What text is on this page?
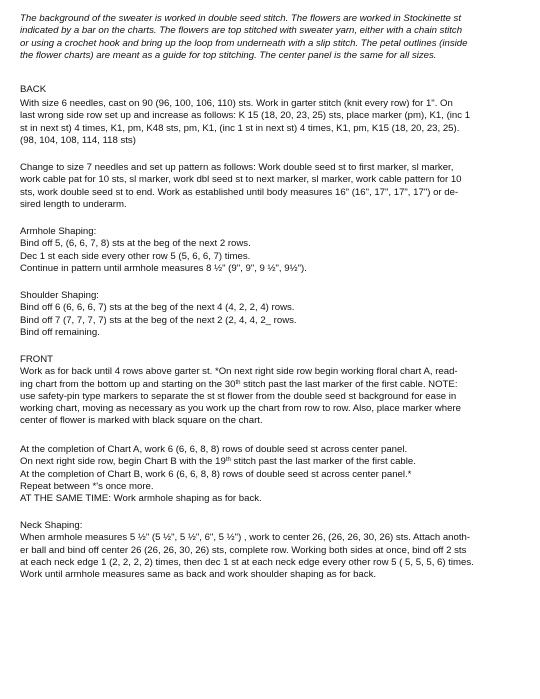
The background of the sweater is worked in double seed stitch. The flowers are worked in Stockinette st
indicated by a bar on the charts. The flowers are top stitched with sweater yarn, either with a chain stitch
or using a crochet hook and bring up the loop from underneath with a slip stitch. The petal outlines (inside
the flower charts) are meant as a guide for top stitching. The center panel is the same for all sizes.
BACK
With size 6 needles, cast on 90 (96, 100, 106, 110) sts. Work in garter stitch (knit every row) for 1". On
last wrong side row set up and increase as follows: K 15 (18, 20, 23, 25) sts, place marker (pm), K1, (inc 1
st in next st) 4 times, K1, pm, K48 sts, pm, K1, (inc 1 st in next st) 4 times, K1, pm, K15 (18, 20, 23, 25).
(98, 104, 108, 114, 118 sts)
Change to size 7 needles and set up pattern as follows: Work double seed st to first marker, sl marker,
work cable pat for 10 sts, sl marker, work dbl seed st to next marker, sl marker, work cable pattern for 10
sts, work double seed st to end. Work as established until body measures 16" (16", 17", 17", 17") or de-
sired length to underarm.
Armhole Shaping:
Bind off 5, (6, 6, 7, 8) sts at the beg of the next 2 rows.
Dec 1 st each side every other row 5 (5, 6, 6, 7) times.
Continue in pattern until armhole measures 8 ½" (9", 9", 9 ½", 9½").
Shoulder Shaping:
Bind off 6 (6, 6, 6, 7) sts at the beg of the next 4 (4, 2, 2, 4) rows.
Bind off 7 (7, 7, 7, 7) sts at the beg of the next 2 (2, 4, 4, 2_ rows.
Bind off remaining.
FRONT
Work as for back until 4 rows above garter st. *On next right side row begin working floral chart A, read-
ing chart from the bottom up and starting on the 30th stitch past the last marker of the first cable. NOTE:
use safety-pin type markers to separate the st st flower from the double seed st background for ease in
working chart, moving as necessary as you work up the chart from row to row. Also, place marker where
center of flower is marked with black square on the chart.
At the completion of Chart A, work 6 (6, 6, 8, 8) rows of double seed st across center panel.
On next right side row, begin Chart B with the 19th stitch past the last marker of the first cable.
At the completion of Chart B, work 6 (6, 6, 8, 8) rows of double seed st across center panel.*
Repeat between *'s once more.
AT THE SAME TIME: Work armhole shaping as for back.
Neck Shaping:
When armhole measures 5 ½" (5 ½", 5 ½", 6", 5 ½") , work to center 26, (26, 26, 30, 26) sts. Attach anoth-
er ball and bind off center 26 (26, 26, 30, 26) sts, complete row. Working both sides at once, bind off 2 sts
at each neck edge 1 (2, 2, 2, 2) times, then dec 1 st at each neck edge every other row 5 ( 5, 5, 5, 6) times.
Work until armhole measures same as back and work shoulder shaping as for back.
